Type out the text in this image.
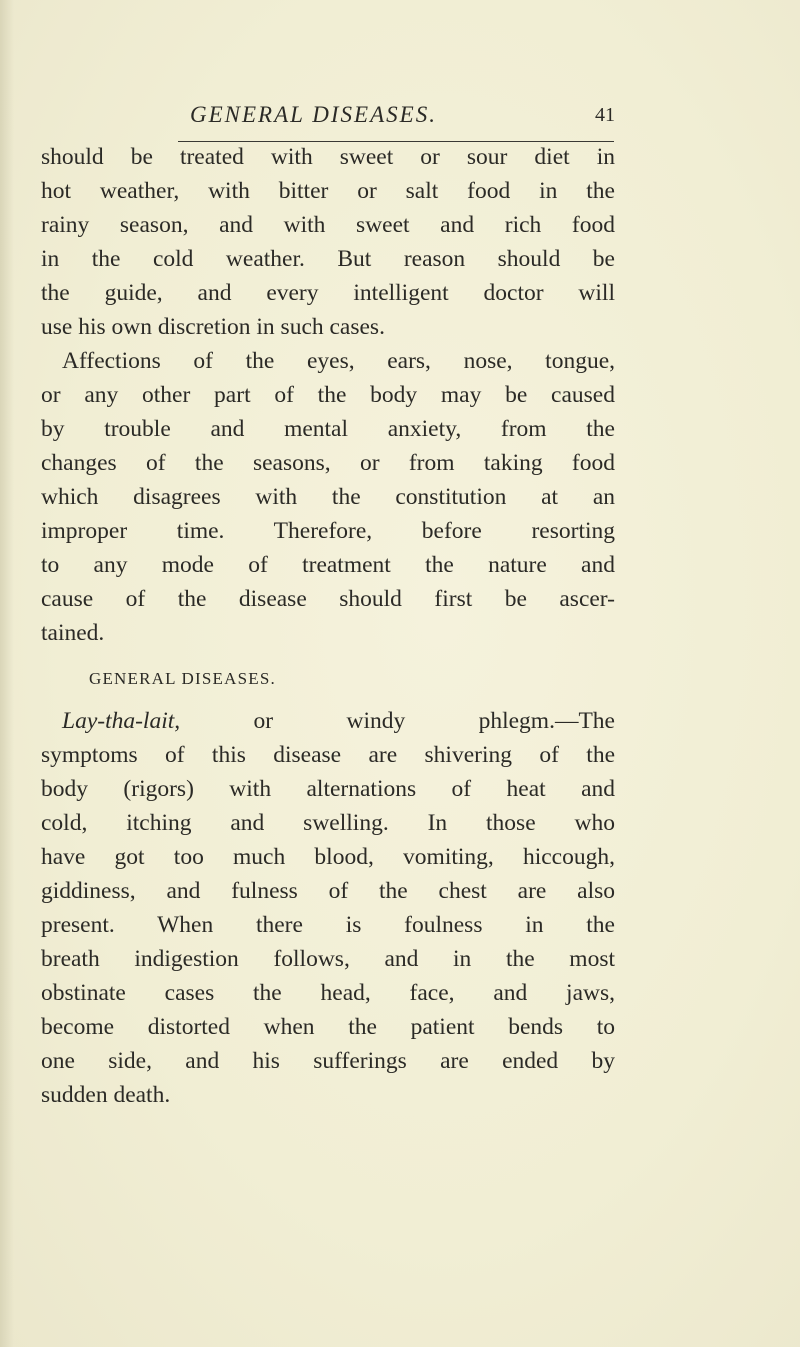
GENERAL DISEASES.	41
should be treated with sweet or sour diet in
hot weather, with bitter or salt food in the
rainy season, and with sweet and rich food
in the cold weather. But reason should be
the guide, and every intelligent doctor will
use his own discretion in such cases.
Affections of the eyes, ears, nose, tongue,
or any other part of the body may be caused
by trouble and mental anxiety, from the
changes of the seasons, or from taking food
which disagrees with the constitution at an
improper time. Therefore, before resorting
to any mode of treatment the nature and
cause of the disease should first be ascer-
tained.
GENERAL DISEASES.
Lay-tha-lait, or windy phlegm.—The
symptoms of this disease are shivering of the
body (rigors) with alternations of heat and
cold, itching and swelling. In those who
have got too much blood, vomiting, hiccough,
giddiness, and fulness of the chest are also
present. When there is foulness in the
breath indigestion follows, and in the most
obstinate cases the head, face, and jaws,
become distorted when the patient bends to
one side, and his sufferings are ended by
sudden death.
